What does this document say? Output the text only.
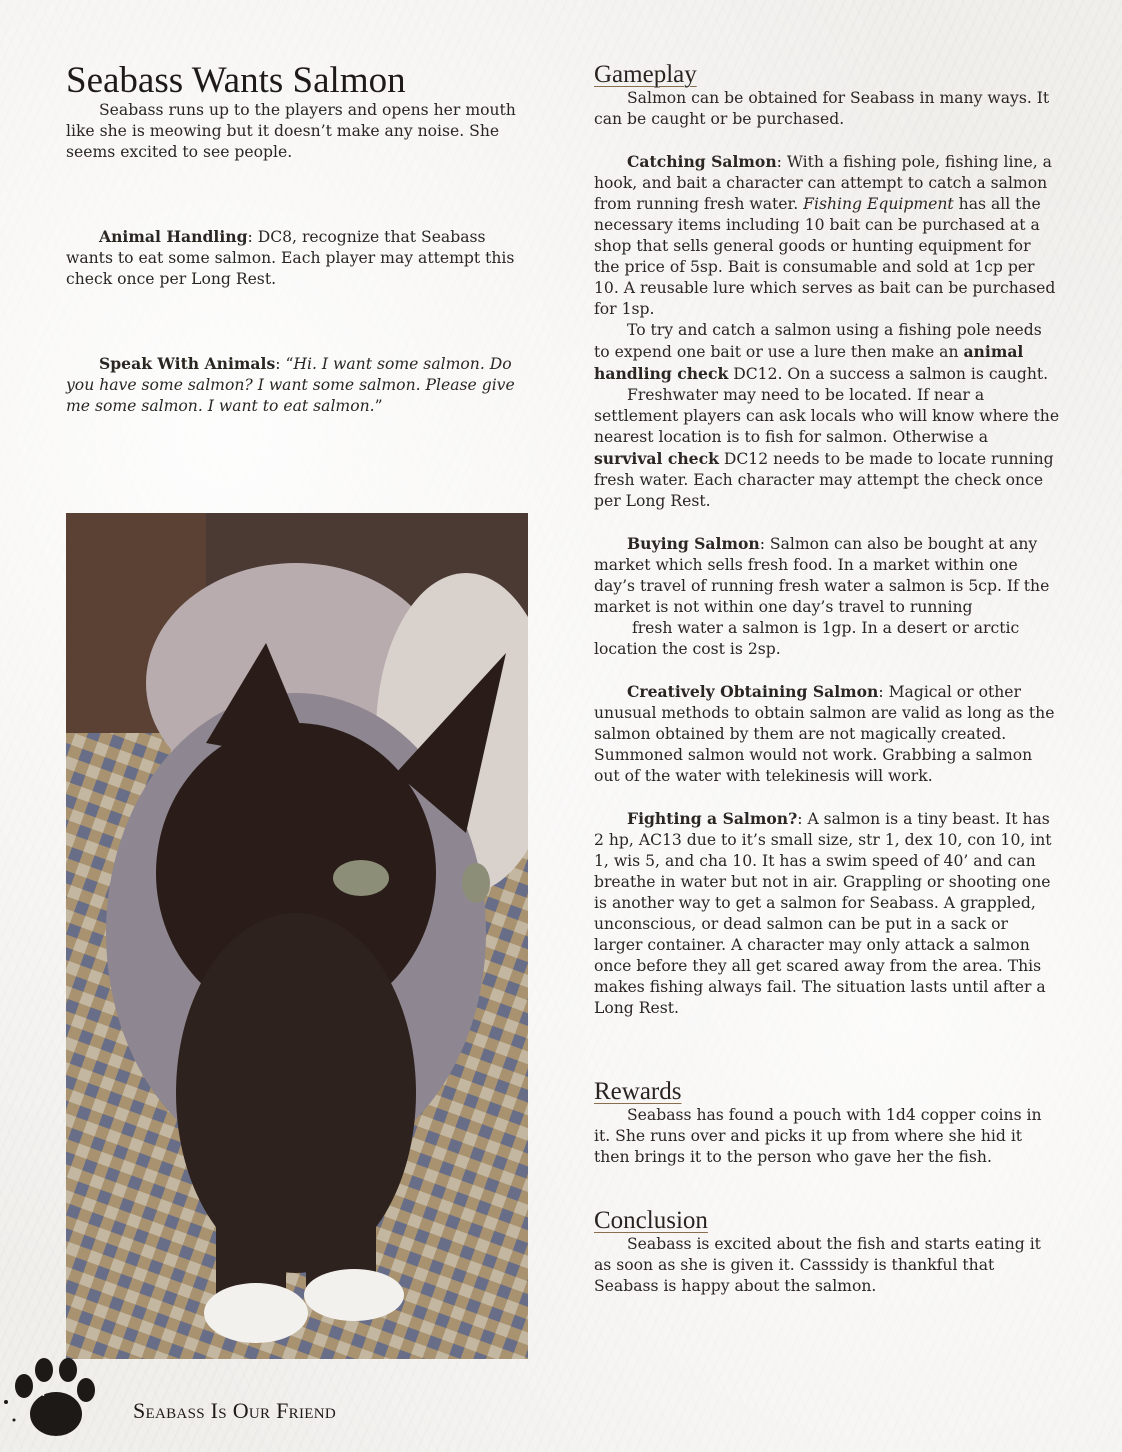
Seabass Wants Salmon

Seabass runs up to the players and opens her mouth like she is meowing but it doesn’t make any noise. She seems excited to see people.

Animal Handling: DC8, recognize that Seabass wants to eat some salmon. Each player may attempt this check once per Long Rest.

Speak With Animals: “Hi. I want some salmon. Do you have some salmon? I want some salmon. Please give me some salmon. I want to eat salmon.”

Gameplay

Salmon can be obtained for Seabass in many ways. It can be caught or be purchased.

Catching Salmon: With a fishing pole, fishing line, a hook, and bait a character can attempt to catch a salmon from running fresh water. Fishing Equipment has all the necessary items including 10 bait can be purchased at a shop that sells general goods or hunting equipment for the price of 5sp. Bait is consumable and sold at 1cp per 10. A reusable lure which serves as bait can be purchased for 1sp.

To try and catch a salmon using a fishing pole needs to expend one bait or use a lure then make an animal handling check DC12. On a success a salmon is caught.

Freshwater may need to be located. If near a settlement players can ask locals who will know where the nearest location is to fish for salmon. Otherwise a survival check DC12 needs to be made to locate running fresh water. Each character may attempt the check once per Long Rest.

Buying Salmon: Salmon can also be bought at any market which sells fresh food. In a market within one day’s travel of running fresh water a salmon is 5cp. If the market is not within one day’s travel to running

fresh water a salmon is 1gp. In a desert or arctic location the cost is 2sp.

Creatively Obtaining Salmon: Magical or other unusual methods to obtain salmon are valid as long as the salmon obtained by them are not magically created. Summoned salmon would not work. Grabbing a salmon out of the water with telekinesis will work.

Fighting a Salmon?: A salmon is a tiny beast. It has 2 hp, AC13 due to it’s small size, str 1, dex 10, con 10, int 1, wis 5, and cha 10. It has a swim speed of 40’ and can breathe in water but not in air. Grappling or shooting one is another way to get a salmon for Seabass. A grappled, unconscious, or dead salmon can be put in a sack or larger container. A character may only attack a salmon once before they all get scared away from the area. This makes fishing always fail. The situation lasts until after a Long Rest.

Rewards

Seabass has found a pouch with 1d4 copper coins in it. She runs over and picks it up from where she hid it then brings it to the person who gave her the fish.

Conclusion

Seabass is excited about the fish and starts eating it as soon as she is given it. Casssidy is thankful that Seabass is happy about the salmon.

4
Seabass Is Our Friend
